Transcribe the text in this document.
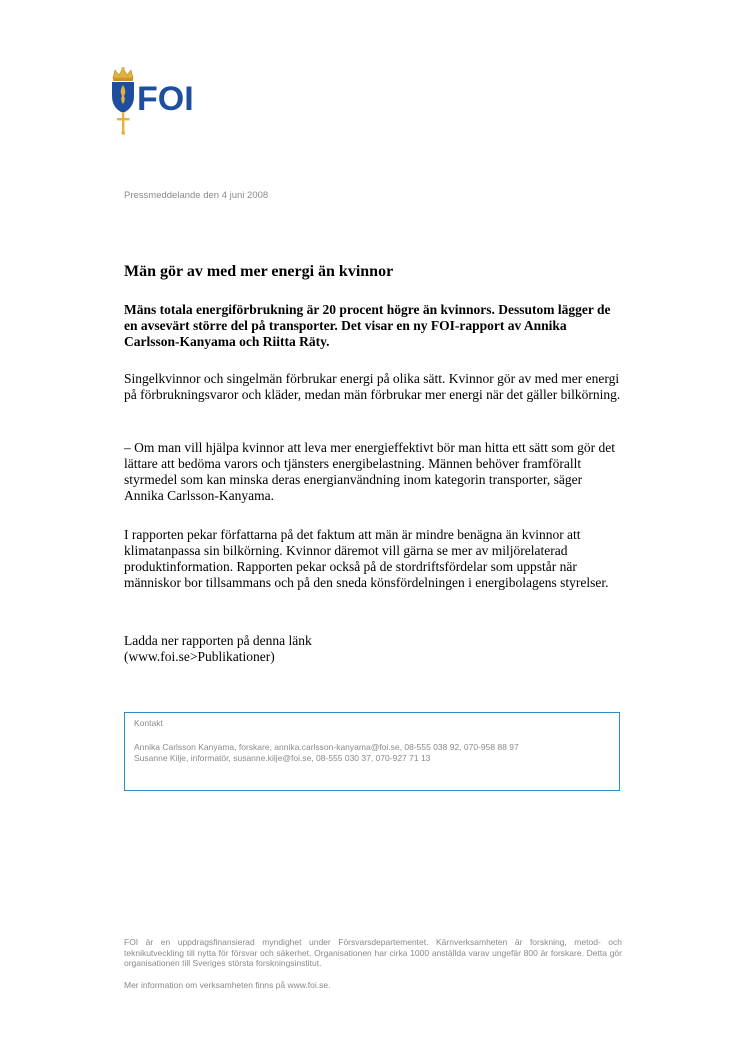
FOI
Pressmeddelande den 4 juni 2008
Män gör av med mer energi än kvinnor
Mäns totala energiförbrukning är 20 procent högre än kvinnors. Dessutom lägger de en avsevärt större del på transporter. Det visar en ny FOI-rapport av Annika Carlsson-Kanyama och Riitta Räty.
Singelkvinnor och singelmän förbrukar energi på olika sätt. Kvinnor gör av med mer energi på förbrukningsvaror och kläder, medan män förbrukar mer energi när det gäller bilkörning.
– Om man vill hjälpa kvinnor att leva mer energieffektivt bör man hitta ett sätt som gör det lättare att bedöma varors och tjänsters energibelastning. Männen behöver framförallt styrmedel som kan minska deras energianvändning inom kategorin transporter, säger Annika Carlsson-Kanyama.
I rapporten pekar författarna på det faktum att män är mindre benägna än kvinnor att klimatanpassa sin bilkörning. Kvinnor däremot vill gärna se mer av miljörelaterad produktinformation. Rapporten pekar också på de stordriftsfördelar som uppstår när människor bor tillsammans och på den sneda könsfördelningen i energibolagens styrelser.
Ladda ner rapporten på denna länk
(www.foi.se>Publikationer)
Kontakt
Annika Carlsson Kanyama, forskare, annika.carlsson-kanyama@foi.se, 08-555 038 92, 070-958 88 97
Susanne Kilje, informatör, susanne.kilje@foi.se, 08-555 030 37, 070-927 71 13
FOI är en uppdragsfinansierad myndighet under Försvarsdepartementet. Kärnverksamheten är forskning, metod- och teknikutveckling till nytta för försvar och säkerhet. Organisationen har cirka 1000 anställda varav ungefär 800 är forskare. Detta gör organisationen till Sveriges största forskningsinstitut.
Mer information om verksamheten finns på www.foi.se.
